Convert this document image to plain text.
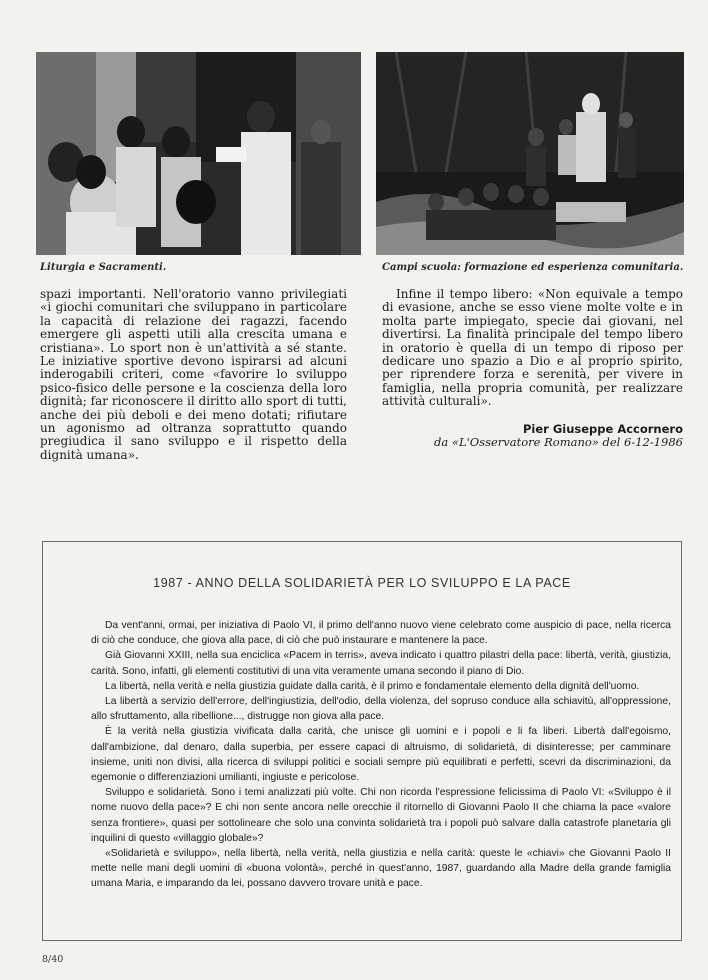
Liturgia e Sacramenti.	Campi scuola: formazione ed esperienza comunitaria.

spazi importanti. Nell'oratorio vanno privilegiati «i giochi comunitari che sviluppano in particolare la capacità di relazione dei ragazzi, facendo emergere gli aspetti utili alla crescita umana e cristiana». Lo sport non è un'attività a sé stante. Le iniziative sportive devono ispirarsi ad alcuni inderogabili criteri, come «favorire lo sviluppo psico-fisico delle persone e la coscienza della loro dignità; far riconoscere il diritto allo sport di tutti, anche dei più deboli e dei meno dotati; rifiutare un agonismo ad oltranza soprattutto quando pregiudica il sano sviluppo e il rispetto della dignità umana».

Infine il tempo libero: «Non equivale a tempo di evasione, anche se esso viene molte volte e in molta parte impiegato, specie dai giovani, nel divertirsi. La finalità principale del tempo libero in oratorio è quella di un tempo di riposo per dedicare uno spazio a Dio e al proprio spirito, per riprendere forza e serenità, per vivere in famiglia, nella propria comunità, per realizzare attività culturali».

Pier Giuseppe Accornero
da «L'Osservatore Romano» del 6-12-1986
1987 - ANNO DELLA SOLIDARIETÀ PER LO SVILUPPO E LA PACE

Da vent'anni, ormai, per iniziativa di Paolo VI, il primo dell'anno nuovo viene celebrato come auspicio di pace, nella ricerca di ciò che conduce, che giova alla pace, di ciò che può instaurare e mantenere la pace.

Già Giovanni XXIII, nella sua enciclica «Pacem in terris», aveva indicato i quattro pilastri della pace: libertà, verità, giustizia, carità. Sono, infatti, gli elementi costitutivi di una vita veramente umana secondo il piano di Dio.

La libertà, nella verità e nella giustizia guidate dalla carità, è il primo e fondamentale elemento della dignità dell'uomo.

La libertà a servizio dell'errore, dell'ingiustizia, dell'odio, della violenza, del sopruso conduce alla schiavitù, all'oppressione, allo sfruttamento, alla ribellione..., distrugge non giova alla pace.

È la verità nella giustizia vivificata dalla carità, che unisce gli uomini e i popoli e li fa liberi. Libertà dall'egoismo, dall'ambizione, dal denaro, dalla superbia, per essere capaci di altruismo, di solidarietà, di disinteresse; per camminare insieme, uniti non divisi, alla ricerca di sviluppi politici e sociali sempre più equilibrati e perfetti, scevri da discriminazioni, da egemonie o differenziazioni umilianti, ingiuste e pericolose.

Sviluppo e solidarietà. Sono i temi analizzati più volte. Chi non ricorda l'espressione felicissima di Paolo VI: «Sviluppo è il nome nuovo della pace»? E chi non sente ancora nelle orecchie il ritornello di Giovanni Paolo II che chiama la pace «valore senza frontiere», quasi per sottolineare che solo una convinta solidarietà tra i popoli può salvare dalla catastrofe planetaria gli inquilini di questo «villaggio globale»?

«Solidarietà e sviluppo», nella libertà, nella verità, nella giustizia e nella carità: queste le «chiavi» che Giovanni Paolo II mette nelle mani degli uomini di «buona volontà», perché in quest'anno, 1987, guardando alla Madre della grande famiglia umana Maria, e imparando da lei, possano davvero trovare unità e pace.

8/40
